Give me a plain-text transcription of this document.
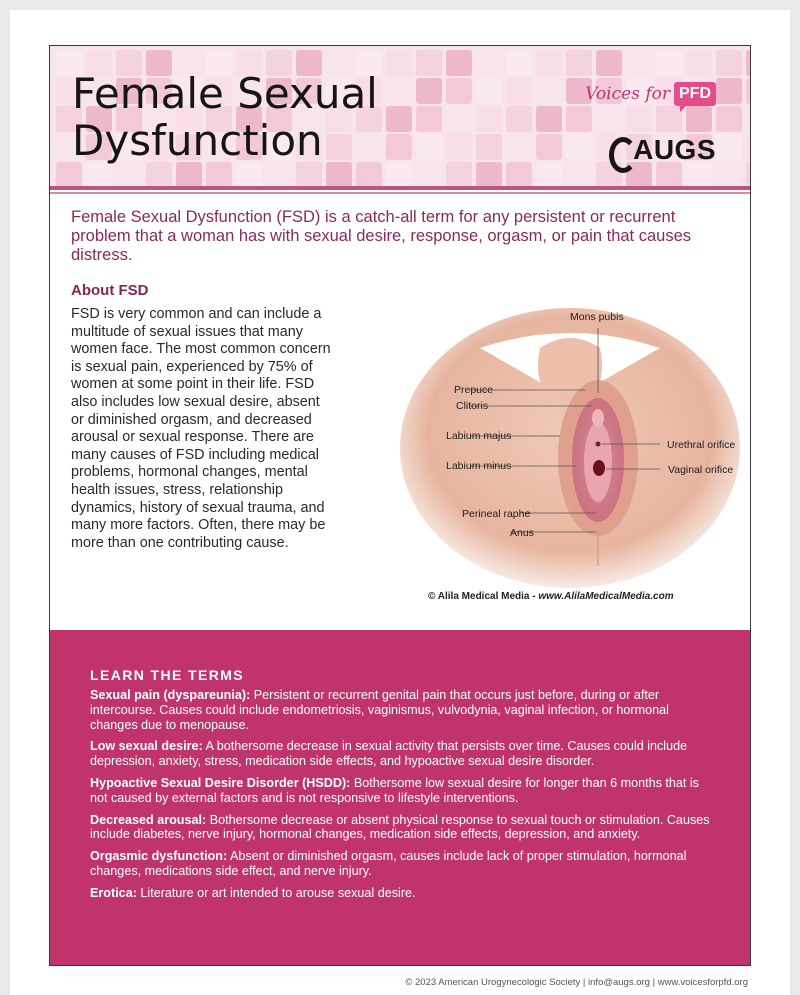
Female Sexual
Dysfunction
Voices for PFD
AUGS

Female Sexual Dysfunction (FSD) is a catch-all term for any persistent or recurrent problem that a woman has with sexual desire, response, orgasm, or pain that causes distress.

About FSD

FSD is very common and can include a multitude of sexual issues that many women face. The most common concern is sexual pain, experienced by 75% of women at some point in their life. FSD also includes low sexual desire, absent or diminished orgasm, and decreased arousal or sexual response. There are many causes of FSD including medical problems, hormonal changes, mental health issues, stress, relationship dynamics, history of sexual trauma, and many more factors. Often, there may be more than one contributing cause.

Mons pubis
Prepuce
Clitoris
Labium majus
Labium minus
Urethral orifice
Vaginal orifice
Perineal raphe
Anus
© Alila Medical Media - www.AlilaMedicalMedia.com
LEARN THE TERMS

Sexual pain (dyspareunia): Persistent or recurrent genital pain that occurs just before, during or after intercourse. Causes could include endometriosis, vaginismus, vulvodynia, vaginal infection, or hormonal changes due to menopause.

Low sexual desire: A bothersome decrease in sexual activity that persists over time. Causes could include depression, anxiety, stress, medication side effects, and hypoactive sexual desire disorder.

Hypoactive Sexual Desire Disorder (HSDD): Bothersome low sexual desire for longer than 6 months that is not caused by external factors and is not responsive to lifestyle interventions.

Decreased arousal: Bothersome decrease or absent physical response to sexual touch or stimulation. Causes include diabetes, nerve injury, hormonal changes, medication side effects, depression, and anxiety.

Orgasmic dysfunction: Absent or diminished orgasm, causes include lack of proper stimulation, hormonal changes, medications side effect, and nerve injury.

Erotica: Literature or art intended to arouse sexual desire.

© 2023 American Urogynecologic Society | info@augs.org | www.voicesforpfd.org
